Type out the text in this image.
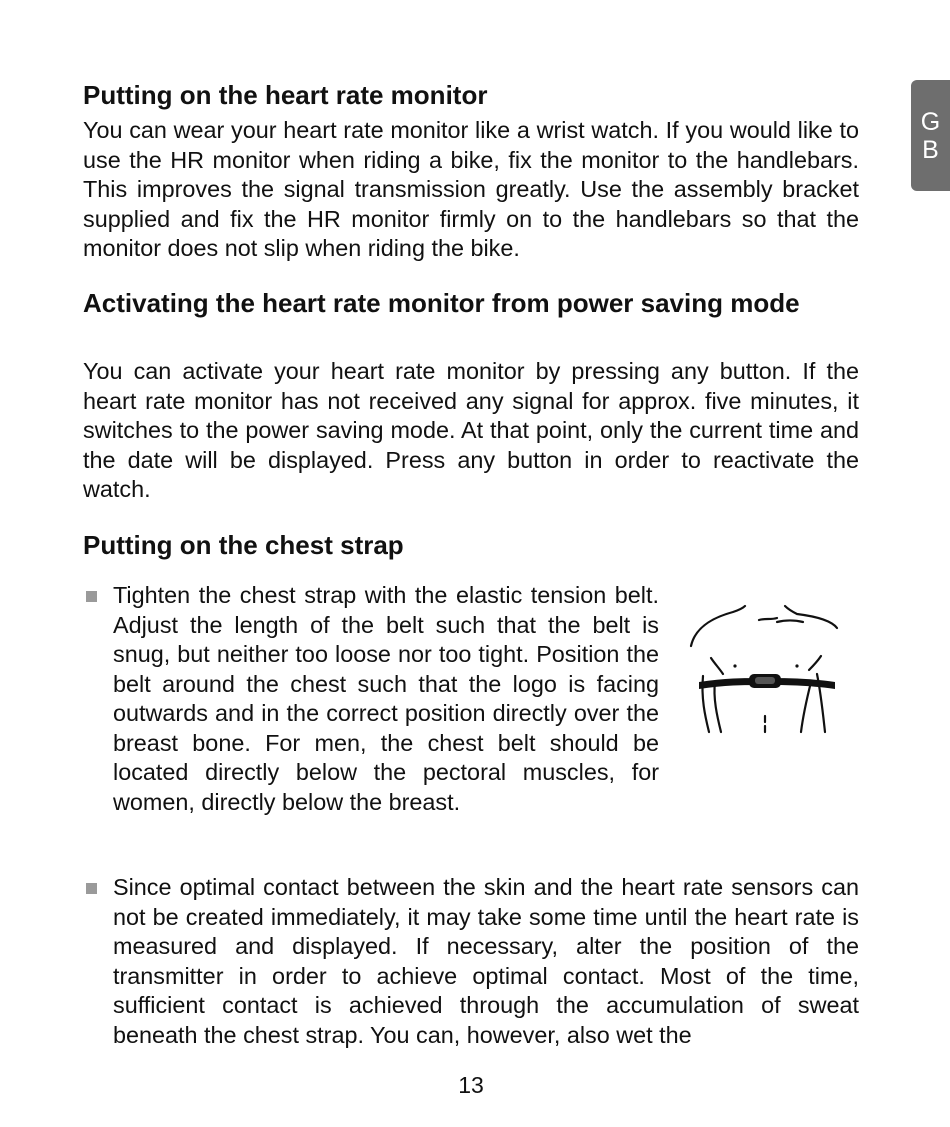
G
B
Putting on the heart rate monitor

You can wear your heart rate monitor like a wrist watch. If you would like to use the HR monitor when riding a bike, fix the monitor to the handlebars. This improves the signal transmission greatly. Use the assembly bracket supplied and fix the HR monitor firmly on to the handlebars so that the monitor does not slip when riding the bike.

Activating the heart rate monitor from power saving mode

You can activate your heart rate monitor by pressing any button. If the heart rate monitor has not received any signal for approx. five minutes, it switches to the power saving mode. At that point, only the current time and the date will be displayed. Press any button in order to reactivate the watch.

Putting on the chest strap

Tighten the chest strap with the elastic tension belt. Adjust the length of the belt such that the belt is snug, but neither too loose nor too tight. Position the belt around the chest such that the logo is facing outwards and in the correct position directly over the breast bone. For men, the chest belt should be located directly below the pectoral muscles, for women, directly below the breast.

Since optimal contact between the skin and the heart rate sensors can not be created immediately, it may take some time until the heart rate is measured and displayed. If necessary, alter the position of the transmitter in order to achieve optimal contact. Most of the time, sufficient contact is achieved through the accumulation of sweat beneath the chest strap. You can, however, also wet the

13
